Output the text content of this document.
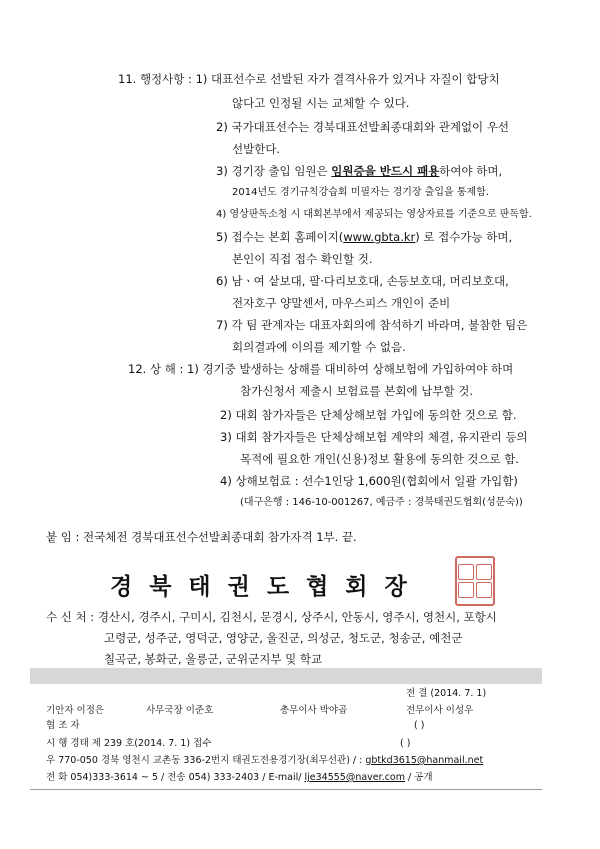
11. 행정사항 : 1) 대표선수로 선발된 자가 결격사유가 있거나 자질이 합당치
않다고 인정될 시는 교체할 수 있다.
2) 국가대표선수는 경북대표선발최종대회와 관계없이 우선
선발한다.
3) 경기장 출입 임원은 임원증을 반드시 패용하여야 하며,
2014년도 경기규칙강습회 미필자는 경기장 출입을 통제함.
4) 영상판독소청 시 대회본부에서 제공되는 영상자료를 기준으로 판독함.
5) 접수는 본회 홈페이지(www.gbta.kr) 로 접수가능 하며,
본인이 직접 접수 확인할 것.
6) 남ㆍ여 샅보대, 팔·다리보호대, 손등보호대, 머리보호대,
전자호구 양말센서, 마우스피스 개인이 준비
7) 각 팀 관계자는 대표자회의에 참석하기 바라며, 불참한 팀은
회의결과에 이의를 제기할 수 없음.
12. 상 해 : 1) 경기중 발생하는 상해를 대비하여 상해보험에 가입하여야 하며
참가신청서 제출시 보험료를 본회에 납부할 것.
2) 대회 참가자들은 단체상해보험 가입에 동의한 것으로 함.
3) 대회 참가자들은 단체상해보험 계약의 체결, 유지관리 등의
목적에 필요한 개인(신용)정보 활용에 동의한 것으로 함.
4) 상해보험료 : 선수1인당 1,600원(협회에서 일괄 가입함)
(대구은행 : 146-10-001267, 예금주 : 경북태권도협회(성문숙))
붙 임 : 전국체전 경북대표선수선발최종대회 참가자격 1부. 끝.
경북태권도협회장
수 신 처 : 경산시, 경주시, 구미시, 김천시, 문경시, 상주시, 안동시, 영주시, 영천시, 포항시
고령군, 성주군, 영덕군, 영양군, 울진군, 의성군, 청도군, 청송군, 예천군
칠곡군, 봉화군, 울릉군, 군위군지부 및 학교
전 결 (2014. 7. 1)
기안자 이정은	사무국장 이준호	총무이사 박야곱	전무이사 이성우
( )
협 조 자
시 행 경태 제 239 호(2014. 7. 1) 접수	( )
우 770-050 경북 영천시 교촌동 336-2번지 태권도전용경기장(최무선관) / : gbtkd3615@hanmail.net
전 화 054)333-3614 ~ 5 / 전송 054) 333-2403 / E-mail/ lje34555@naver.com / 공개
